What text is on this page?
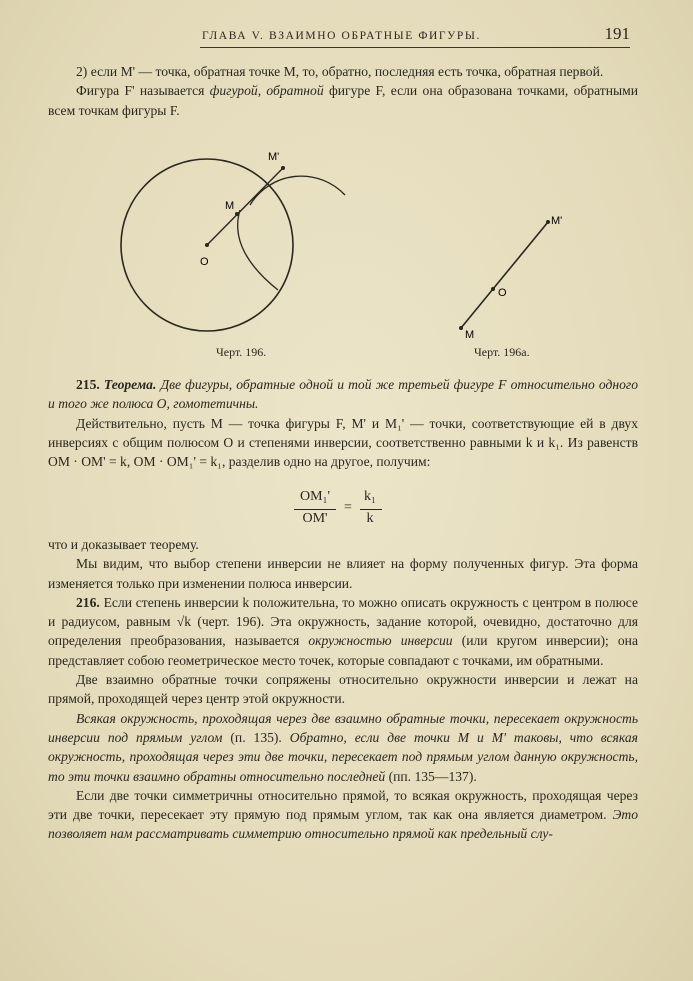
ГЛАВА V. ВЗАИМНО ОБРАТНЫЕ ФИГУРЫ.	191

2) если M' — точка, обратная точке M, то, обратно, последняя есть точка, обратная первой.

Фигура F' называется фигурой, обратной фигуре F, если она образована точками, обратными всем точкам фигуры F.

M'
M
O
M'
O
M
Черт. 196.	Черт. 196a.

215. Теорема. Две фигуры, обратные одной и той же третьей фигуре F относительно одного и того же полюса O, гомотетичны.

Действительно, пусть M — точка фигуры F, M' и M₁' — точки, соответствующие ей в двух инверсиях с общим полюсом O и степенями инверсии, соответственно равными k и k₁. Из равенств OM · OM' = k, OM · OM₁' = k₁, разделив одно на другое, получим:

OM₁'
OM'
=
k₁
k

что и доказывает теорему.

Мы видим, что выбор степени инверсии не влияет на форму полученных фигур. Эта форма изменяется только при изменении полюса инверсии.

216. Если степень инверсии k положительна, то можно описать окружность с центром в полюсе и радиусом, равным √k (черт. 196). Эта окружность, задание которой, очевидно, достаточно для определения преобразования, называется окружностью инверсии (или кругом инверсии); она представляет собою геометрическое место точек, которые совпадают с точками, им обратными.

Две взаимно обратные точки сопряжены относительно окружности инверсии и лежат на прямой, проходящей через центр этой окружности.

Всякая окружность, проходящая через две взаимно обратные точки, пересекает окружность инверсии под прямым углом (п. 135). Обратно, если две точки M и M' таковы, что всякая окружность, проходящая через эти две точки, пересекает под прямым углом данную окружность, то эти точки взаимно обратны относительно последней (пп. 135—137).

Если две точки симметричны относительно прямой, то всякая окружность, проходящая через эти две точки, пересекает эту прямую под прямым углом, так как она является диаметром. Это позволяет нам рассматривать симметрию относительно прямой как предельный слу-
